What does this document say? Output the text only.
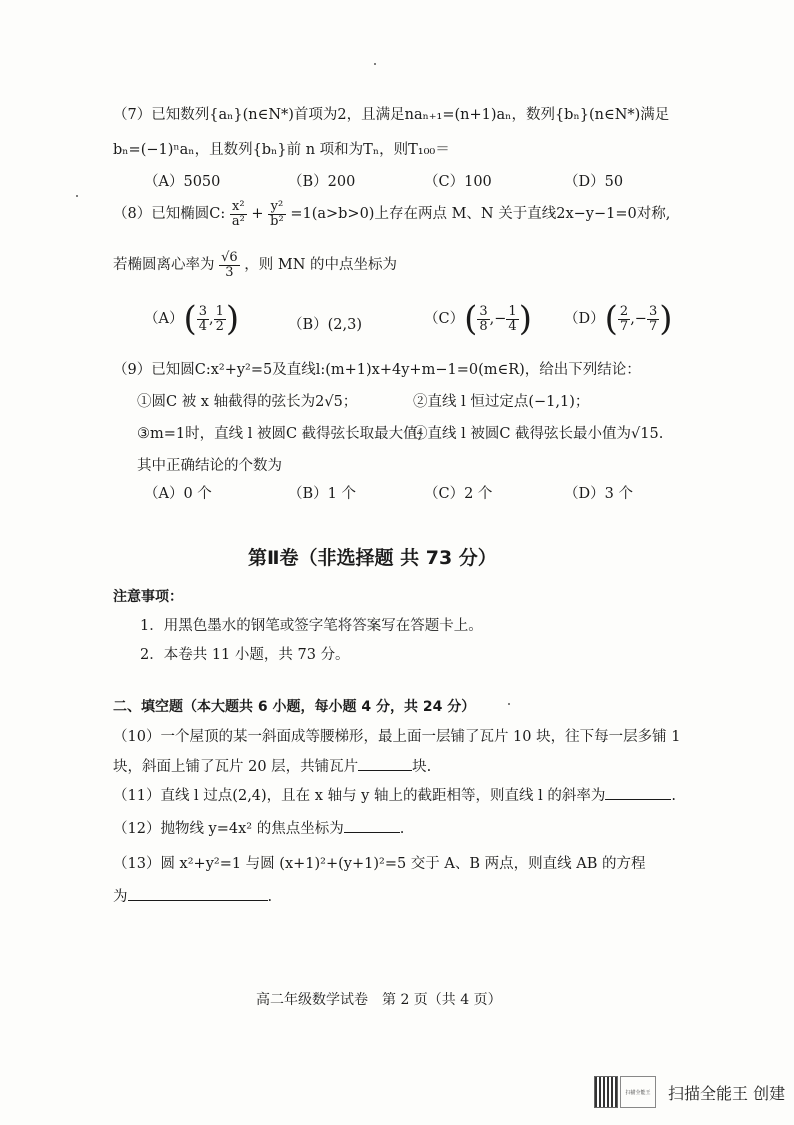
（7）已知数列{aₙ}(n∈N*)首项为2，且满足naₙ₊₁=(n+1)aₙ，数列{bₙ}(n∈N*)满足
bₙ=(−1)ⁿaₙ，且数列{bₙ}前 n 项和为Tₙ，则T₁₀₀＝
（A）5050	（B）200	（C）100	（D）50
（8）已知椭圆C: $\frac{\text{x²}}{\text{a²}} + \frac{\text{y²}}{\text{b²}} =1(a>b>0)$上存在两点 M、N 关于直线2x−y−1=0对称,
若椭圆离心率为 $\frac{√6}{3}$ ，则 MN 的中点坐标为
$(A)( \frac{3}{4}$ , $\frac{1}{2}$ )	（B）(2,3)	$(C)( \frac{3}{8}$ ,− $\frac{1}{4}$ ) $(D)( \frac{2}{7}$ ,− $\frac{3}{7}$ )
（9）已知圆C:x²+y²=5及直线l:(m+1)x+4y+m−1=0(m∈R)，给出下列结论：
①圆C 被 x 轴截得的弦长为2√5；	②直线 l 恒过定点(−1,1)；
③m=1时，直线 l 被圆C 截得弦长取最大值;
④直线 l 被圆C 截得弦长最小值为√15.
其中正确结论的个数为
（A）0 个	（B）1 个	（C）2 个	（D）3 个
第Ⅱ卷（非选择题 共 73 分）
注意事项：
1．用黑色墨水的钢笔或签字笔将答案写在答题卡上。
2．本卷共 11 小题，共 73 分。
二、填空题（本大题共 6 小题，每小题 4 分，共 24 分）
（10）一个屋顶的某一斜面成等腰梯形，最上面一层铺了瓦片 10 块，往下每一层多铺 1
块，斜面上铺了瓦片 20 层，共铺瓦片	块.
（11）直线 l 过点(2,4)，且在 x 轴与 y 轴上的截距相等，则直线 l 的斜率为	.
（12）抛物线 y=4x² 的焦点坐标为	.
（13）圆 x²+y²=1 与圆 (x+1)²+(y+1)²=5 交于 A、B 两点，则直线 AB 的方程
为	.
高二年级数学试卷　第 2 页（共 4 页）
扫描全能王 扫描全能王 创建
